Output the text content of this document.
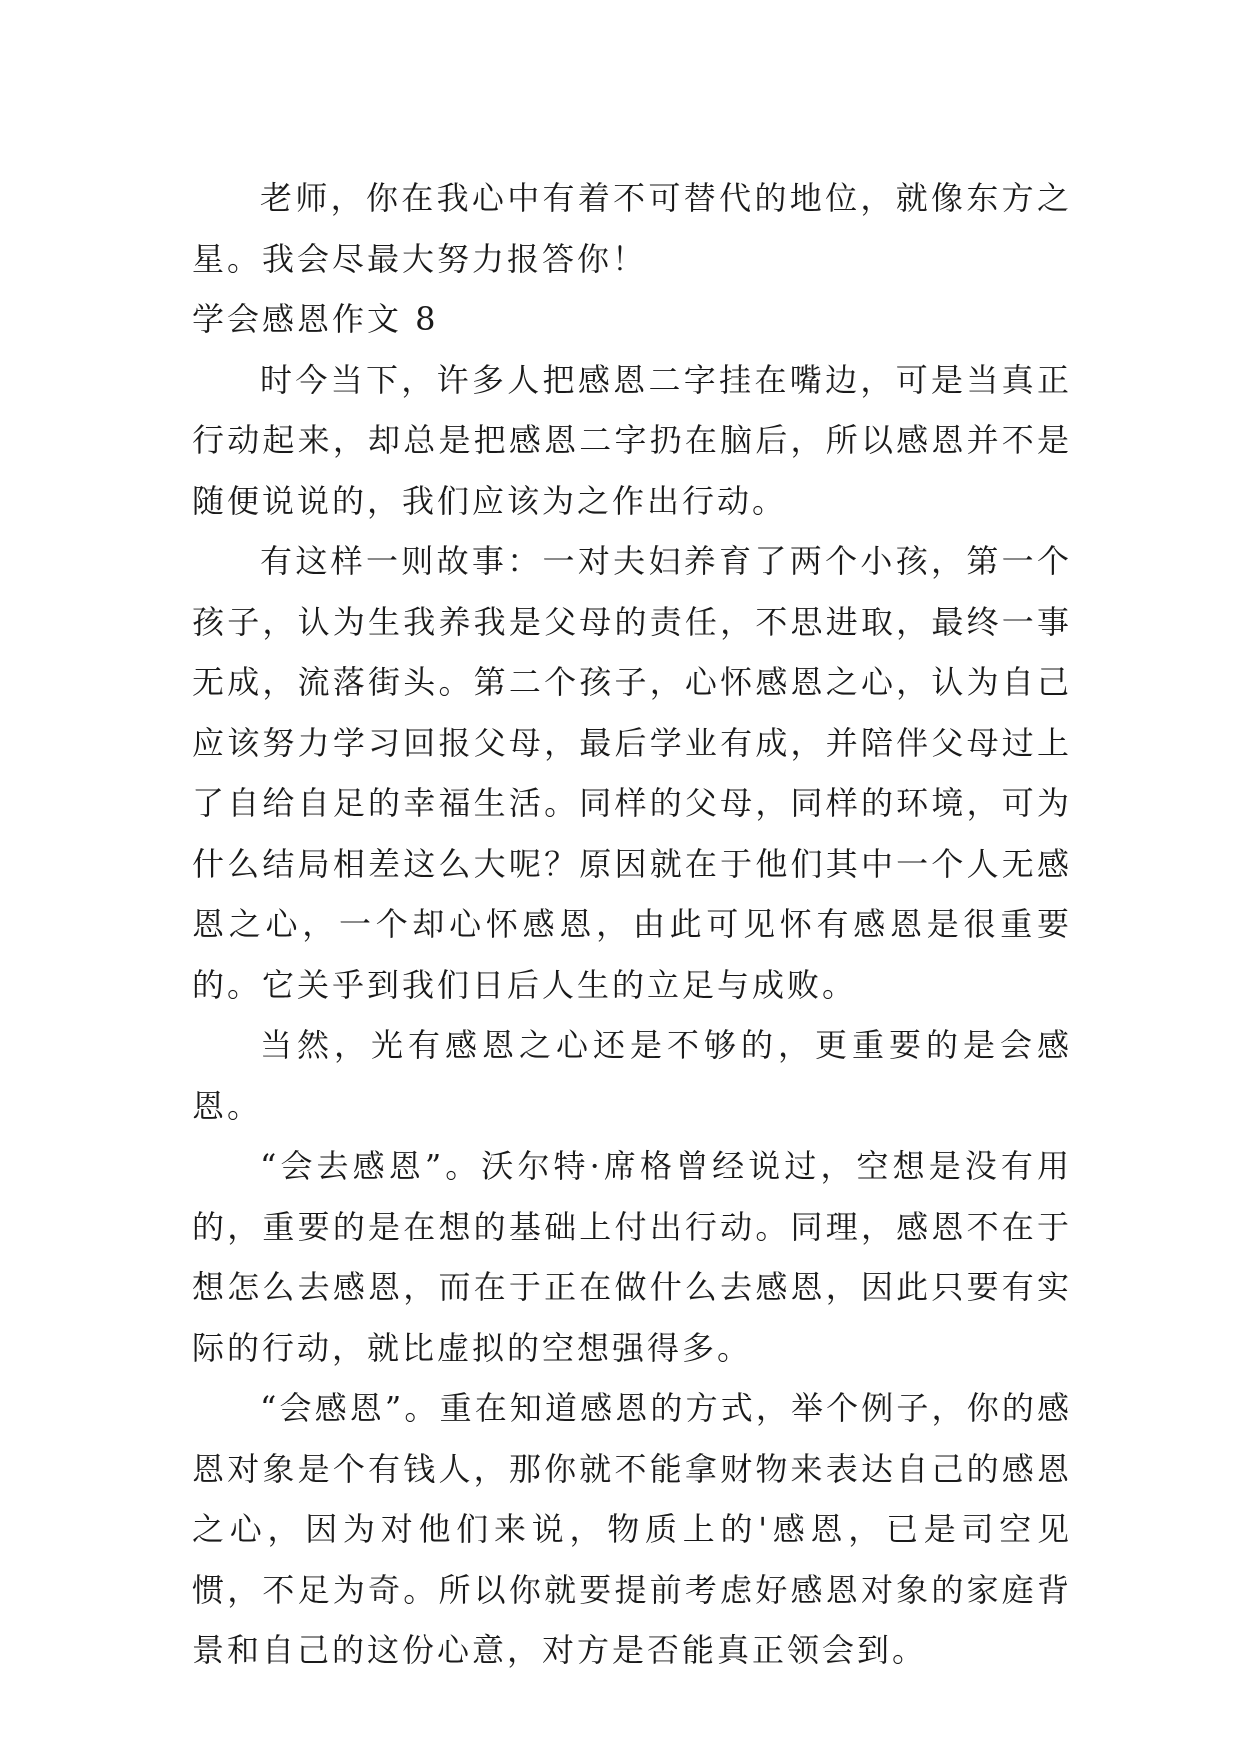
老师，你在我心中有着不可替代的地位，就像东方之星。我会尽最大努力报答你！

学会感恩作文 8

时今当下，许多人把感恩二字挂在嘴边，可是当真正行动起来，却总是把感恩二字扔在脑后，所以感恩并不是随便说说的，我们应该为之作出行动。

有这样一则故事：一对夫妇养育了两个小孩，第一个孩子，认为生我养我是父母的责任，不思进取，最终一事无成，流落街头。第二个孩子，心怀感恩之心，认为自己应该努力学习回报父母，最后学业有成，并陪伴父母过上了自给自足的幸福生活。同样的父母，同样的环境，可为什么结局相差这么大呢？原因就在于他们其中一个人无感恩之心，一个却心怀感恩，由此可见怀有感恩是很重要的。它关乎到我们日后人生的立足与成败。

当然，光有感恩之心还是不够的，更重要的是会感恩。

“会去感恩”。沃尔特·席格曾经说过，空想是没有用的，重要的是在想的基础上付出行动。同理，感恩不在于想怎么去感恩，而在于正在做什么去感恩，因此只要有实际的行动，就比虚拟的空想强得多。

“会感恩”。重在知道感恩的方式，举个例子，你的感恩对象是个有钱人，那你就不能拿财物来表达自己的感恩之心，因为对他们来说，物质上的'感恩，已是司空见惯，不足为奇。所以你就要提前考虑好感恩对象的家庭背景和自己的这份心意，对方是否能真正领会到。
